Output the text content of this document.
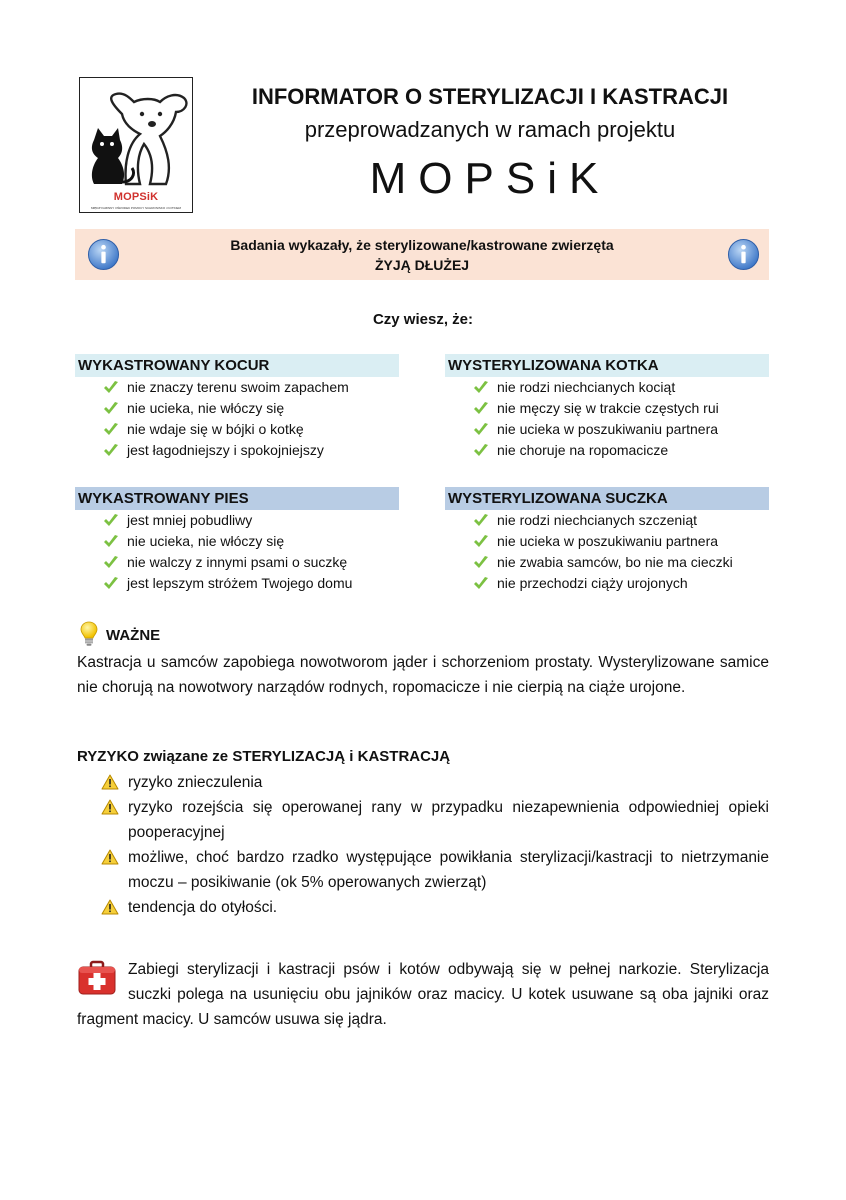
MOPSiK
MIĘDZYGMINNY OŚRODEK POMOCY SCHRONISKO i KOTKIEM
INFORMATOR O STERYLIZACJI I KASTRACJI
przeprowadzanych w ramach projektu
MOPSiK
Badania wykazały, że sterylizowane/kastrowane zwierzęta
ŻYJĄ DŁUŻEJ
Czy wiesz, że:
WYKASTROWANY KOCUR
nie znaczy terenu swoim zapachem
nie ucieka, nie włóczy się
nie wdaje się w bójki o kotkę
jest łagodniejszy i spokojniejszy
WYSTERYLIZOWANA KOTKA
nie rodzi niechcianych kociąt
nie męczy się w trakcie częstych rui
nie ucieka w poszukiwaniu partnera
nie choruje na ropomacicze
WYKASTROWANY PIES
jest mniej pobudliwy
nie ucieka, nie włóczy się
nie walczy z innymi psami o suczkę
jest lepszym stróżem Twojego domu
WYSTERYLIZOWANA SUCZKA
nie rodzi niechcianych szczeniąt
nie ucieka w poszukiwaniu partnera
nie zwabia samców, bo nie ma cieczki
nie przechodzi ciąży urojonych
WAŻNE
Kastracja u samców zapobiega nowotworom jąder i schorzeniom prostaty. Wysterylizowane samice nie chorują na nowotwory narządów rodnych, ropomacicze i nie cierpią na ciąże urojone.
RYZYKO związane ze STERYLIZACJĄ i KASTRACJĄ
ryzyko znieczulenia
ryzyko rozejścia się operowanej rany w przypadku niezapewnienia odpowiedniej opieki pooperacyjnej
możliwe, choć bardzo rzadko występujące powikłania sterylizacji/kastracji to nietrzymanie moczu – posikiwanie (ok 5% operowanych zwierząt)
tendencja do otyłości.
Zabiegi sterylizacji i kastracji psów i kotów odbywają się w pełnej narkozie. Sterylizacja suczki polega na usunięciu obu jajników oraz macicy. U kotek usuwane są oba jajniki oraz fragment macicy. U samców usuwa się jądra.
